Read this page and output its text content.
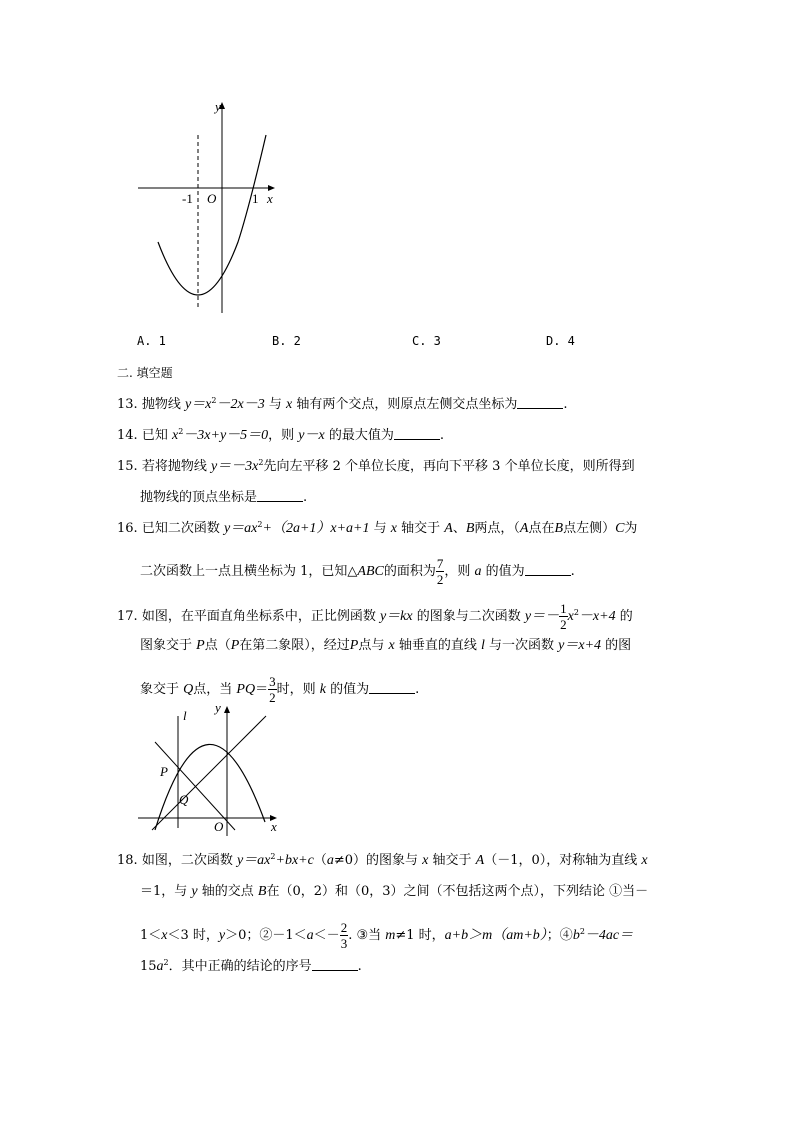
y
x
-1 O	1
A. 1	B. 2	C. 3	D. 4
二. 填空题
13. 抛物线 $y=x^2-2x-3$ 与 x 轴有两个交点，则原点左侧交点坐标为	.
14. 已知 $x^2-3x+y-5=0$，则 y－x 的最大值为	.
15. 若将抛物线 $y=-3x^2$先向左平移 2 个单位长度，再向下平移 3 个单位长度，则所得到
抛物线的顶点坐标是	.
16. 已知二次函数 $y=ax^2+(2a+1)x+a+1$ 与 x 轴交于 A、B两点，（A点在B点左侧）C为
二次函数上一点且横坐标为 1，已知△ABC的面积为 $\frac{7}{2}$ ，则 a 的值为	.
17. 如图，在平面直角坐标系中，正比例函数 y＝kx 的图象与二次函数 $y=- \frac{1}{2} x^2-x+4$ 的
图象交于 P点（P在第二象限），经过P点与 x 轴垂直的直线 l 与一次函数 y＝x+4 的图
象交于 Q点，当 $PQ= \frac{3}{2}$ 时，则 k 的值为	.
l
y
P
Q
O	x
18. 如图，二次函数 $y=ax^2+bx+c(a\ne 0)$的图象与 x 轴交于 A（－1，0），对称轴为直线 x
＝1，与 y 轴的交点 B在（0，2）和（0，3）之间（不包括这两个点），下列结论 ①当－
1＜x＜3 时，y＞0；②－1＜a＜－ $\frac{2}{3}$ . ③当 m≠1 时，a+b＞m（am+b）；$④b^2-4ac=$
$15a^2$．其中正确的结论的序号	.
